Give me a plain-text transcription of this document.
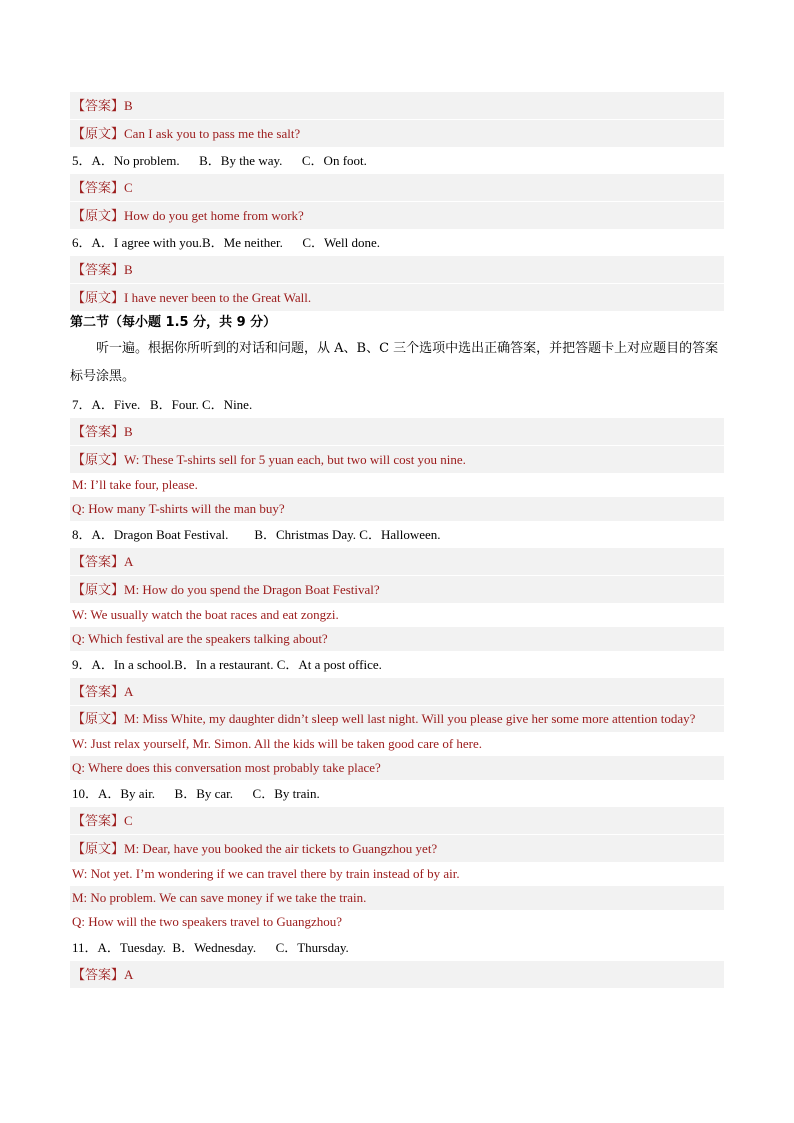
【答案】B
【原文】Can I ask you to pass me the salt?
5．A．No problem.      B．By the way.      C．On foot.
【答案】C
【原文】How do you get home from work?
6．A．I agree with you.B．Me neither.      C．Well done.
【答案】B
【原文】I have never been to the Great Wall.
第二节（每小题 1.5 分，共 9 分）
听一遍。根据你所听到的对话和问题，从 A、B、C 三个选项中选出正确答案，并把答题卡上对应题目的答案标号涂黑。
7．A．Five.   B．Four. C．Nine.
【答案】B
【原文】W: These T-shirts sell for 5 yuan each, but two will cost you nine.
M: I’ll take four, please.
Q: How many T-shirts will the man buy?
8．A．Dragon Boat Festival.        B．Christmas Day. C．Halloween.
【答案】A
【原文】M: How do you spend the Dragon Boat Festival?
W: We usually watch the boat races and eat zongzi.
Q: Which festival are the speakers talking about?
9．A．In a school.B．In a restaurant. C．At a post office.
【答案】A
【原文】M: Miss White, my daughter didn’t sleep well last night. Will you please give her some more attention today?
W: Just relax yourself, Mr. Simon. All the kids will be taken good care of here.
Q: Where does this conversation most probably take place?
10．A．By air.      B．By car.      C．By train.
【答案】C
【原文】M: Dear, have you booked the air tickets to Guangzhou yet?
W: Not yet. I’m wondering if we can travel there by train instead of by air.
M: No problem. We can save money if we take the train.
Q: How will the two speakers travel to Guangzhou?
11．A．Tuesday.  B．Wednesday.      C．Thursday.
【答案】A
